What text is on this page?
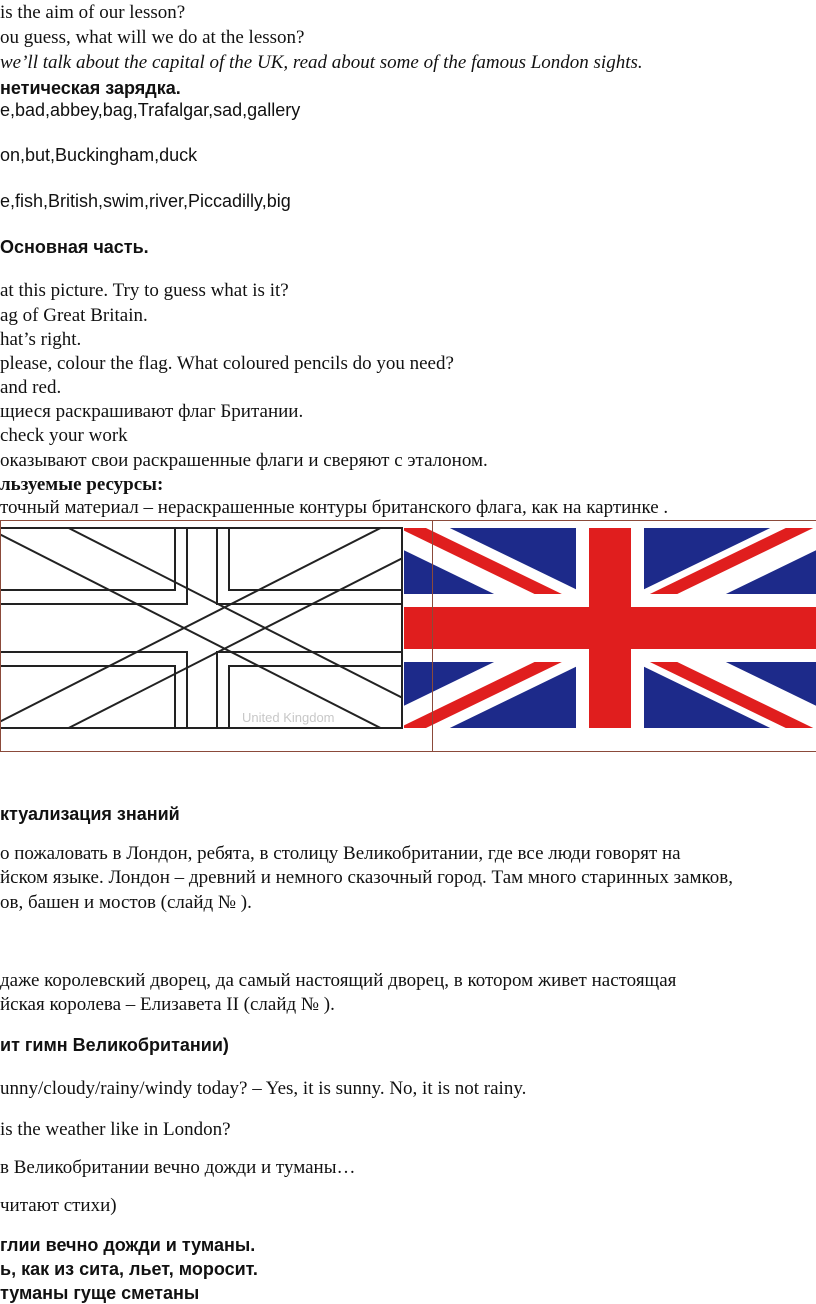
is the aim of our lesson?
ou guess, what will we do at the lesson?
we’ll talk about the capital of the UK, read about some of the famous London sights.
нетическая зарядка.
e,bad,abbey,bag,Trafalgar,sad,gallery
on,but,Buckingham,duck
e,fish,British,swim,river,Piccadilly,big
Основная часть.
at this picture. Try to guess what is it?
ag of Great Britain.
hat’s right.
please, colour the flag. What coloured pencils do you need?
and red.
щиеся раскрашивают флаг Британии.
check your work
оказывают свои раскрашенные флаги и сверяют с эталоном.
льзуемые ресурсы:
точный материал – нераскрашенные контуры британского флага, как на картинке .
United Kingdom
ктуализация знаний
о пожаловать в Лондон, ребята, в столицу Великобритании, где все люди говорят на
йском языке. Лондон – древний и немного сказочный город. Там много старинных замков,
ов, башен и мостов (слайд № ).
даже королевский дворец, да самый настоящий дворец, в котором живет настоящая
йская королева – Елизавета II (слайд № ).
ит гимн Великобритании)
unny/cloudy/rainy/windy today? – Yes, it is sunny. No, it is not rainy.
is the weather like in London?
в Великобритании вечно дожди и туманы…
читают стихи)
глии вечно дожди и туманы.
ь, как из сита, льет, моросит.
туманы гуще сметаны
